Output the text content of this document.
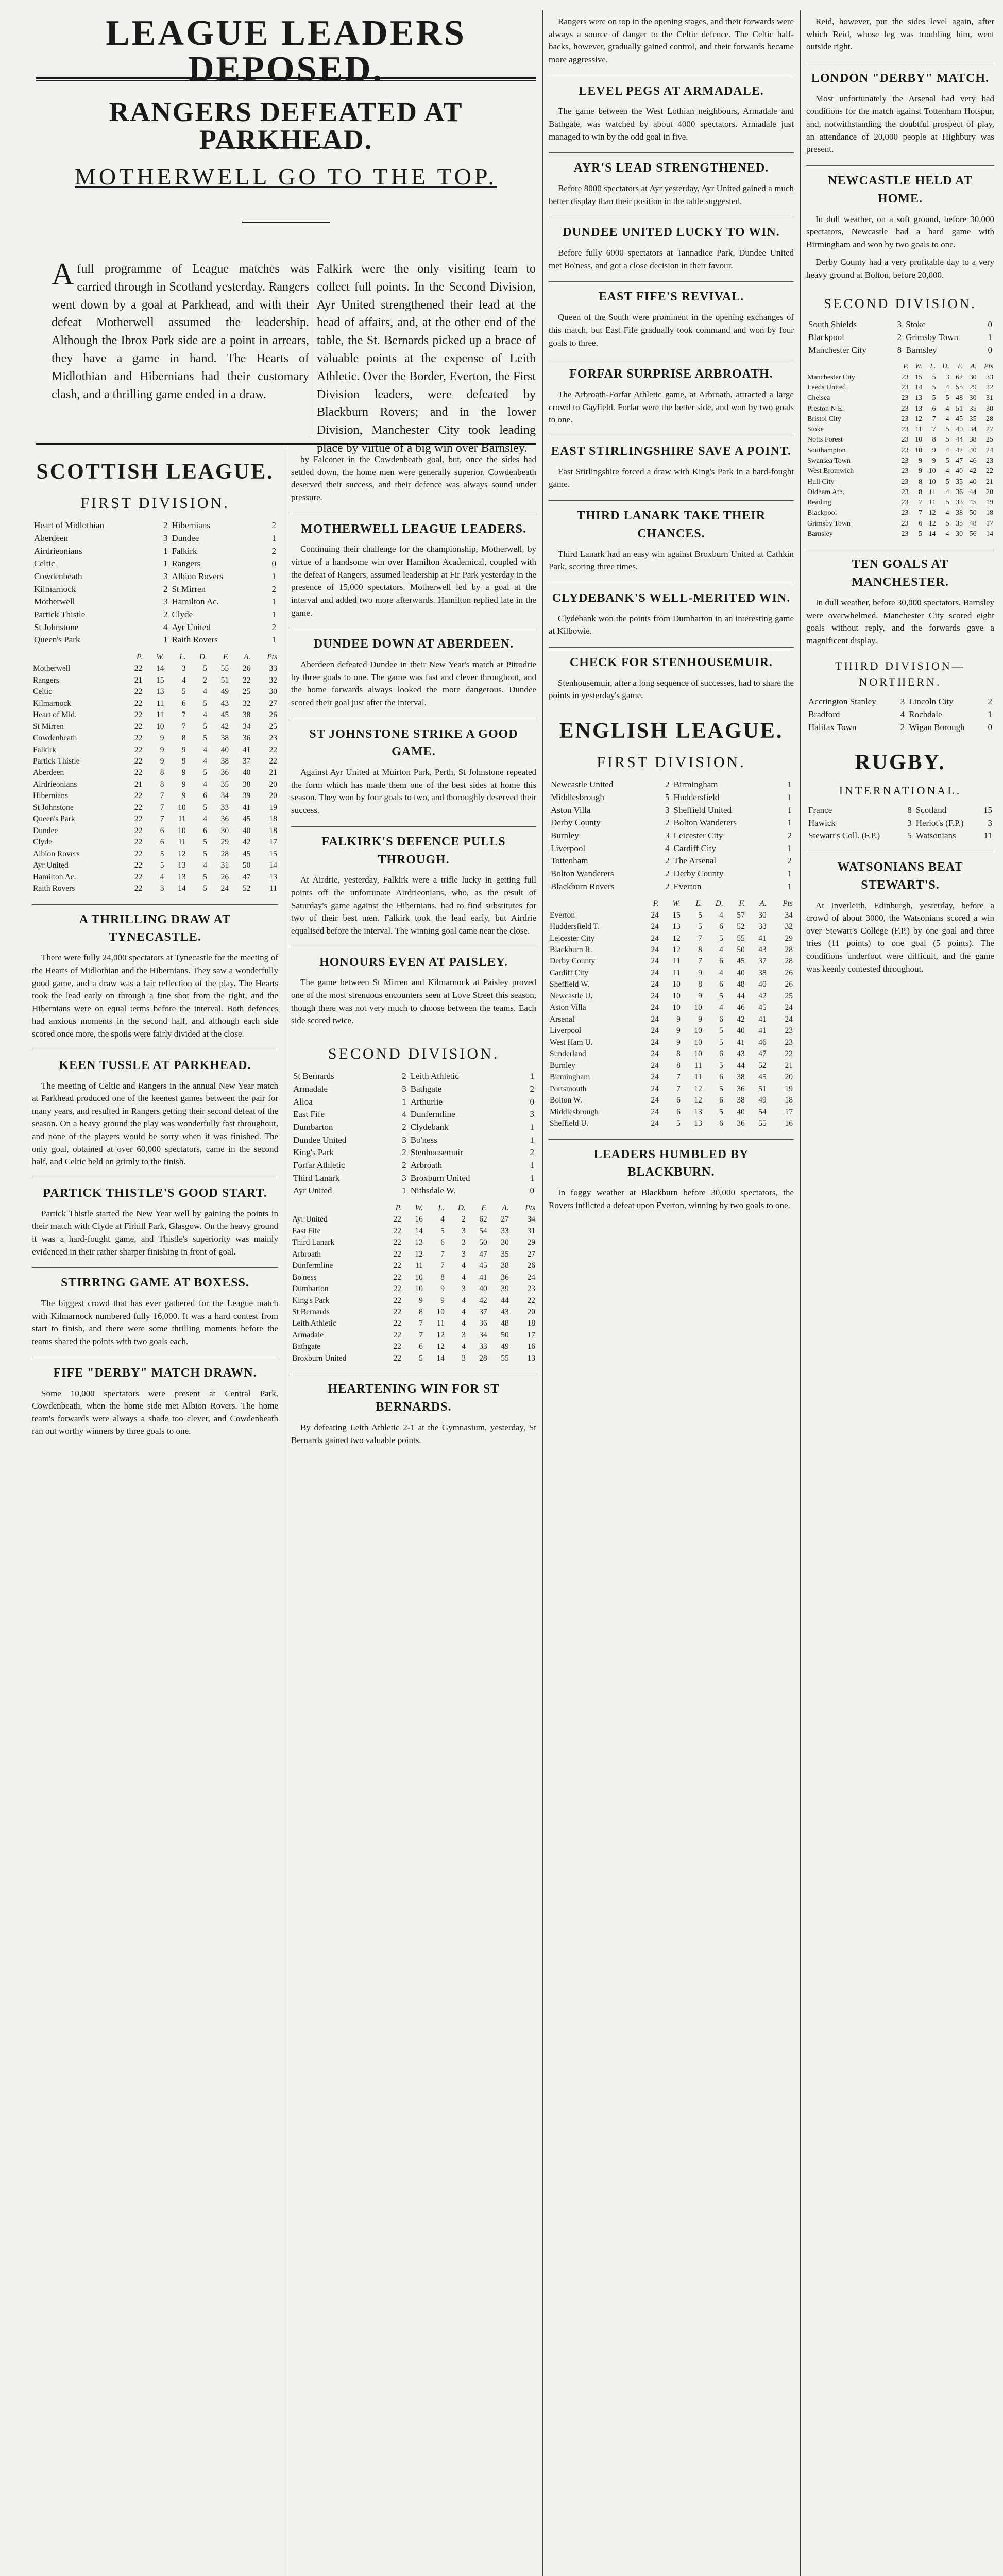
LEAGUE LEADERS DEPOSED.
RANGERS DEFEATED AT PARKHEAD.
MOTHERWELL GO TO THE TOP.
A full programme of League matches was carried through in Scotland yesterday. Rangers went down by a goal at Parkhead, and with their defeat Motherwell assumed the leadership. Although the Ibrox Park side are a point in arrears, they have a game in hand. The Hearts of Midlothian and Hibernians had their customary clash, and a thrilling game ended in a draw.
Falkirk were the only visiting team to collect full points. In the Second Division, Ayr United strengthened their lead at the head of affairs, and, at the other end of the table, the St. Bernards picked up a brace of valuable points at the expense of Leith Athletic. Over the Border, Everton, the First Division leaders, were defeated by Blackburn Rovers; and in the lower Division, Manchester City took leading place by virtue of a big win over Barnsley.
SCOTTISH LEAGUE.
FIRST DIVISION.
Heart of Midlothian	2	Hibernians	2
Aberdeen	3	Dundee	1
Airdrieonians	1	Falkirk	2
Celtic	1	Rangers	0
Cowdenbeath	3	Albion Rovers	1
Kilmarnock	2	St Mirren	2
Motherwell	3	Hamilton Ac.	1
Partick Thistle	2	Clyde	1
St Johnstone	4	Ayr United	2
Queen's Park	1	Raith Rovers	1
	P.	W.	L.	D.	F.	A.	Pts
Motherwell	22	14	3	5	55	26	33
Rangers	21	15	4	2	51	22	32
Celtic	22	13	5	4	49	25	30
Kilmarnock	22	11	6	5	43	32	27
Heart of Mid.	22	11	7	4	45	38	26
St Mirren	22	10	7	5	42	34	25
Cowdenbeath	22	9	8	5	38	36	23
Falkirk	22	9	9	4	40	41	22
Partick Thistle	22	9	9	4	38	37	22
Aberdeen	22	8	9	5	36	40	21
Airdrieonians	21	8	9	4	35	38	20
Hibernians	22	7	9	6	34	39	20
St Johnstone	22	7	10	5	33	41	19
Queen's Park	22	7	11	4	36	45	18
Dundee	22	6	10	6	30	40	18
Clyde	22	6	11	5	29	42	17
Albion Rovers	22	5	12	5	28	45	15
Ayr United	22	5	13	4	31	50	14
Hamilton Ac.	22	4	13	5	26	47	13
Raith Rovers	22	3	14	5	24	52	11
A THRILLING DRAW AT TYNECASTLE.

There were fully 24,000 spectators at Tynecastle for the meeting of the Hearts of Midlothian and the Hibernians. They saw a wonderfully good game, and a draw was a fair reflection of the play. The Hearts took the lead early on through a fine shot from the right, and the Hibernians were on equal terms before the interval. Both defences had anxious moments in the second half, and although each side scored once more, the spoils were fairly divided at the close.

KEEN TUSSLE AT PARKHEAD.

The meeting of Celtic and Rangers in the annual New Year match at Parkhead produced one of the keenest games between the pair for many years, and resulted in Rangers getting their second defeat of the season. On a heavy ground the play was wonderfully fast throughout, and none of the players would be sorry when it was finished. The only goal, obtained at over 60,000 spectators, came in the second half, and Celtic held on grimly to the finish.

PARTICK THISTLE'S GOOD START.

Partick Thistle started the New Year well by gaining the points in their match with Clyde at Firhill Park, Glasgow. On the heavy ground it was a hard-fought game, and Thistle's superiority was mainly evidenced in their rather sharper finishing in front of goal.

STIRRING GAME AT BOXESS.

The biggest crowd that has ever gathered for the League match with Kilmarnock numbered fully 16,000. It was a hard contest from start to finish, and there were some thrilling moments before the teams shared the points with two goals each.

FIFE "DERBY" MATCH DRAWN.

Some 10,000 spectators were present at Central Park, Cowdenbeath, when the home side met Albion Rovers. The home team's forwards were always a shade too clever, and Cowdenbeath ran out worthy winners by three goals to one.

by Falconer in the Cowdenbeath goal, but, once the sides had settled down, the home men were generally superior. Cowdenbeath deserved their success, and their defence was always sound under pressure.

MOTHERWELL LEAGUE LEADERS.

Continuing their challenge for the championship, Motherwell, by virtue of a handsome win over Hamilton Academical, coupled with the defeat of Rangers, assumed leadership at Fir Park yesterday in the presence of 15,000 spectators. Motherwell led by a goal at the interval and added two more afterwards. Hamilton replied late in the game.

DUNDEE DOWN AT ABERDEEN.

Aberdeen defeated Dundee in their New Year's match at Pittodrie by three goals to one. The game was fast and clever throughout, and the home forwards always looked the more dangerous. Dundee scored their goal just after the interval.

ST JOHNSTONE STRIKE A GOOD GAME.

Against Ayr United at Muirton Park, Perth, St Johnstone repeated the form which has made them one of the best sides at home this season. They won by four goals to two, and thoroughly deserved their success.

FALKIRK'S DEFENCE PULLS THROUGH.

At Airdrie, yesterday, Falkirk were a trifle lucky in getting full points off the unfortunate Airdrieonians, who, as the result of Saturday's game against the Hibernians, had to find substitutes for two of their best men. Falkirk took the lead early, but Airdrie equalised before the interval. The winning goal came near the close.

HONOURS EVEN AT PAISLEY.

The game between St Mirren and Kilmarnock at Paisley proved one of the most strenuous encounters seen at Love Street this season, though there was not very much to choose between the teams. Each side scored twice.

SECOND DIVISION.
St Bernards	2	Leith Athletic	1
Armadale	3	Bathgate	2
Alloa	1	Arthurlie	0
East Fife	4	Dunfermline	3
Dumbarton	2	Clydebank	1
Dundee United	3	Bo'ness	1
King's Park	2	Stenhousemuir	2
Forfar Athletic	2	Arbroath	1
Third Lanark	3	Broxburn United	1
Ayr United	1	Nithsdale W.	0
	P.	W.	L.	D.	F.	A.	Pts
Ayr United	22	16	4	2	62	27	34
East Fife	22	14	5	3	54	33	31
Third Lanark	22	13	6	3	50	30	29
Arbroath	22	12	7	3	47	35	27
Dunfermline	22	11	7	4	45	38	26
Bo'ness	22	10	8	4	41	36	24
Dumbarton	22	10	9	3	40	39	23
King's Park	22	9	9	4	42	44	22
St Bernards	22	8	10	4	37	43	20
Leith Athletic	22	7	11	4	36	48	18
Armadale	22	7	12	3	34	50	17
Bathgate	22	6	12	4	33	49	16
Broxburn United	22	5	14	3	28	55	13
HEARTENING WIN FOR ST BERNARDS.

By defeating Leith Athletic 2-1 at the Gymnasium, yesterday, St Bernards gained two valuable points.

Rangers were on top in the opening stages, and their forwards were always a source of danger to the Celtic defence. The Celtic half-backs, however, gradually gained control, and their forwards became more aggressive.

LEVEL PEGS AT ARMADALE.

The game between the West Lothian neighbours, Armadale and Bathgate, was watched by about 4000 spectators. Armadale just managed to win by the odd goal in five.

AYR'S LEAD STRENGTHENED.

Before 8000 spectators at Ayr yesterday, Ayr United gained a much better display than their position in the table suggested.

DUNDEE UNITED LUCKY TO WIN.

Before fully 6000 spectators at Tannadice Park, Dundee United met Bo'ness, and got a close decision in their favour.

EAST FIFE'S REVIVAL.

Queen of the South were prominent in the opening exchanges of this match, but East Fife gradually took command and won by four goals to three.

FORFAR SURPRISE ARBROATH.

The Arbroath-Forfar Athletic game, at Arbroath, attracted a large crowd to Gayfield. Forfar were the better side, and won by two goals to one.

EAST STIRLINGSHIRE SAVE A POINT.

East Stirlingshire forced a draw with King's Park in a hard-fought game.

THIRD LANARK TAKE THEIR CHANCES.

Third Lanark had an easy win against Broxburn United at Cathkin Park, scoring three times.

CLYDEBANK'S WELL-MERITED WIN.

Clydebank won the points from Dumbarton in an interesting game at Kilbowie.

CHECK FOR STENHOUSEMUIR.

Stenhousemuir, after a long sequence of successes, had to share the points in yesterday's game.

ENGLISH LEAGUE.
FIRST DIVISION.
Newcastle United	2	Birmingham	1
Middlesbrough	5	Huddersfield	1
Aston Villa	3	Sheffield United	1
Derby County	2	Bolton Wanderers	1
Burnley	3	Leicester City	2
Liverpool	4	Cardiff City	1
Tottenham	2	The Arsenal	2
Bolton Wanderers	2	Derby County	1
Blackburn Rovers	2	Everton	1
	P.	W.	L.	D.	F.	A.	Pts
Everton	24	15	5	4	57	30	34
Huddersfield T.	24	13	5	6	52	33	32
Leicester City	24	12	7	5	55	41	29
Blackburn R.	24	12	8	4	50	43	28
Derby County	24	11	7	6	45	37	28
Cardiff City	24	11	9	4	40	38	26
Sheffield W.	24	10	8	6	48	40	26
Newcastle U.	24	10	9	5	44	42	25
Aston Villa	24	10	10	4	46	45	24
Arsenal	24	9	9	6	42	41	24
Liverpool	24	9	10	5	40	41	23
West Ham U.	24	9	10	5	41	46	23
Sunderland	24	8	10	6	43	47	22
Burnley	24	8	11	5	44	52	21
Birmingham	24	7	11	6	38	45	20
Portsmouth	24	7	12	5	36	51	19
Bolton W.	24	6	12	6	38	49	18
Middlesbrough	24	6	13	5	40	54	17
Sheffield U.	24	5	13	6	36	55	16
LEADERS HUMBLED BY BLACKBURN.

In foggy weather at Blackburn before 30,000 spectators, the Rovers inflicted a defeat upon Everton, winning by two goals to one.

Reid, however, put the sides level again, after which Reid, whose leg was troubling him, went outside right.

LONDON "DERBY" MATCH.

Most unfortunately the Arsenal had very bad conditions for the match against Tottenham Hotspur, and, notwithstanding the doubtful prospect of play, an attendance of 20,000 people at Highbury was present.

NEWCASTLE HELD AT HOME.

In dull weather, on a soft ground, before 30,000 spectators, Newcastle had a hard game with Birmingham and won by two goals to one.

Derby County had a very profitable day to a very heavy ground at Bolton, before 20,000.

SECOND DIVISION.
South Shields	3	Stoke	0
Blackpool	2	Grimsby Town	1
Manchester City	8	Barnsley	0
	P.	W.	L.	D.	F.	A.	Pts
Manchester City	23	15	5	3	62	30	33
Leeds United	23	14	5	4	55	29	32
Chelsea	23	13	5	5	48	30	31
Preston N.E.	23	13	6	4	51	35	30
Bristol City	23	12	7	4	45	35	28
Stoke	23	11	7	5	40	34	27
Notts Forest	23	10	8	5	44	38	25
Southampton	23	10	9	4	42	40	24
Swansea Town	23	9	9	5	47	46	23
West Bromwich	23	9	10	4	40	42	22
Hull City	23	8	10	5	35	40	21
Oldham Ath.	23	8	11	4	36	44	20
Reading	23	7	11	5	33	45	19
Blackpool	23	7	12	4	38	50	18
Grimsby Town	23	6	12	5	35	48	17
Barnsley	23	5	14	4	30	56	14
TEN GOALS AT MANCHESTER.

In dull weather, before 30,000 spectators, Barnsley were overwhelmed. Manchester City scored eight goals without reply, and the forwards gave a magnificent display.

THIRD DIVISION—NORTHERN.
Accrington Stanley	3	Lincoln City	2
Bradford	4	Rochdale	1
Halifax Town	2	Wigan Borough	0
RUGBY.
INTERNATIONAL.
France	8	Scotland	15
Hawick	3	Heriot's (F.P.)	3
Stewart's Coll. (F.P.)	5	Watsonians	11
WATSONIANS BEAT STEWART'S.

At Inverleith, Edinburgh, yesterday, before a crowd of about 3000, the Watsonians scored a win over Stewart's College (F.P.) by one goal and three tries (11 points) to one goal (5 points). The conditions underfoot were difficult, and the game was keenly contested throughout.
